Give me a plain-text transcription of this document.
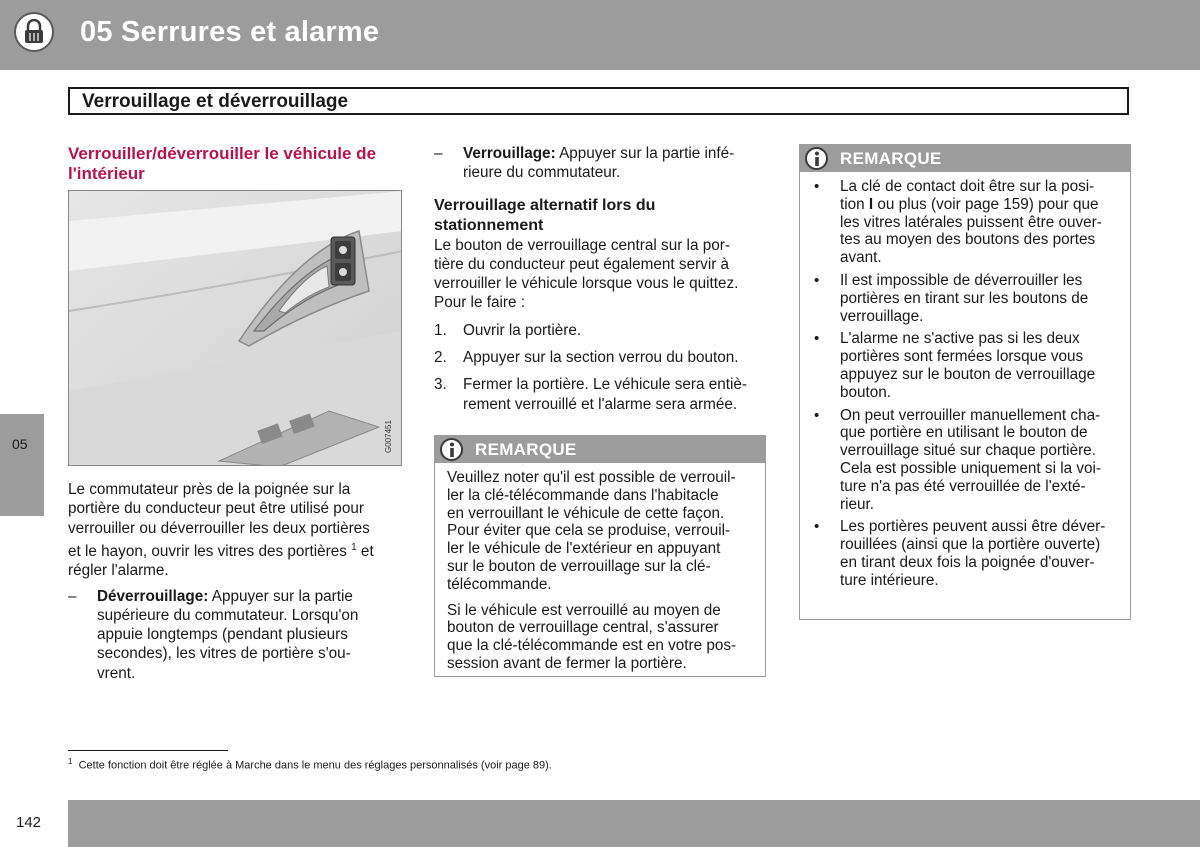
05 Serrures et alarme
Verrouillage et déverrouillage
05
Verrouiller/déverrouiller le véhicule de l'intérieur
G007451

Le commutateur près de la poignée sur la
portière du conducteur peut être utilisé pour
verrouiller ou déverrouiller les deux portières
et le hayon, ouvrir les vitres des portières $^1$ et
régler l'alarme.

– Déverrouillage: Appuyer sur la partie
supérieure du commutateur. Lorsqu'on
appuie longtemps (pendant plusieurs
secondes), les vitres de portière s'ou-
vrent.
– Verrouillage: Appuyer sur la partie infé-
rieure du commutateur.
Verrouillage alternatif lors du
stationnement

Le bouton de verrouillage central sur la por-
tière du conducteur peut également servir à
verrouiller le véhicule lorsque vous le quittez.
Pour le faire :

1. Ouvrir la portière.
2. Appuyer sur la section verrou du bouton.
3. Fermer la portière. Le véhicule sera entiè-
rement verrouillé et l'alarme sera armée.
REMARQUE

Veuillez noter qu'il est possible de verrouil-
ler la clé-télécommande dans l'habitacle
en verrouillant le véhicule de cette façon.
Pour éviter que cela se produise, verrouil-
ler le véhicule de l'extérieur en appuyant
sur le bouton de verrouillage sur la clé-
télécommande.

Si le véhicule est verrouillé au moyen de
bouton de verrouillage central, s'assurer
que la clé-télécommande est en votre pos-
session avant de fermer la portière.

REMARQUE
• La clé de contact doit être sur la posi-
tion I ou plus (voir page 159) pour que
les vitres latérales puissent être ouver-
tes au moyen des boutons des portes
avant.
• Il est impossible de déverrouiller les
portières en tirant sur les boutons de
verrouillage.
• L'alarme ne s'active pas si les deux
portières sont fermées lorsque vous
appuyez sur le bouton de verrouillage
bouton.
• On peut verrouiller manuellement cha-
que portière en utilisant le bouton de
verrouillage situé sur chaque portière.
Cela est possible uniquement si la voi-
ture n'a pas été verrouillée de l'exté-
rieur.
• Les portières peuvent aussi être déver-
rouillées (ainsi que la portière ouverte)
en tirant deux fois la poignée d'ouver-
ture intérieure.
$^1$ Cette fonction doit être réglée à Marche dans le menu des réglages personnalisés (voir page 89).
142
